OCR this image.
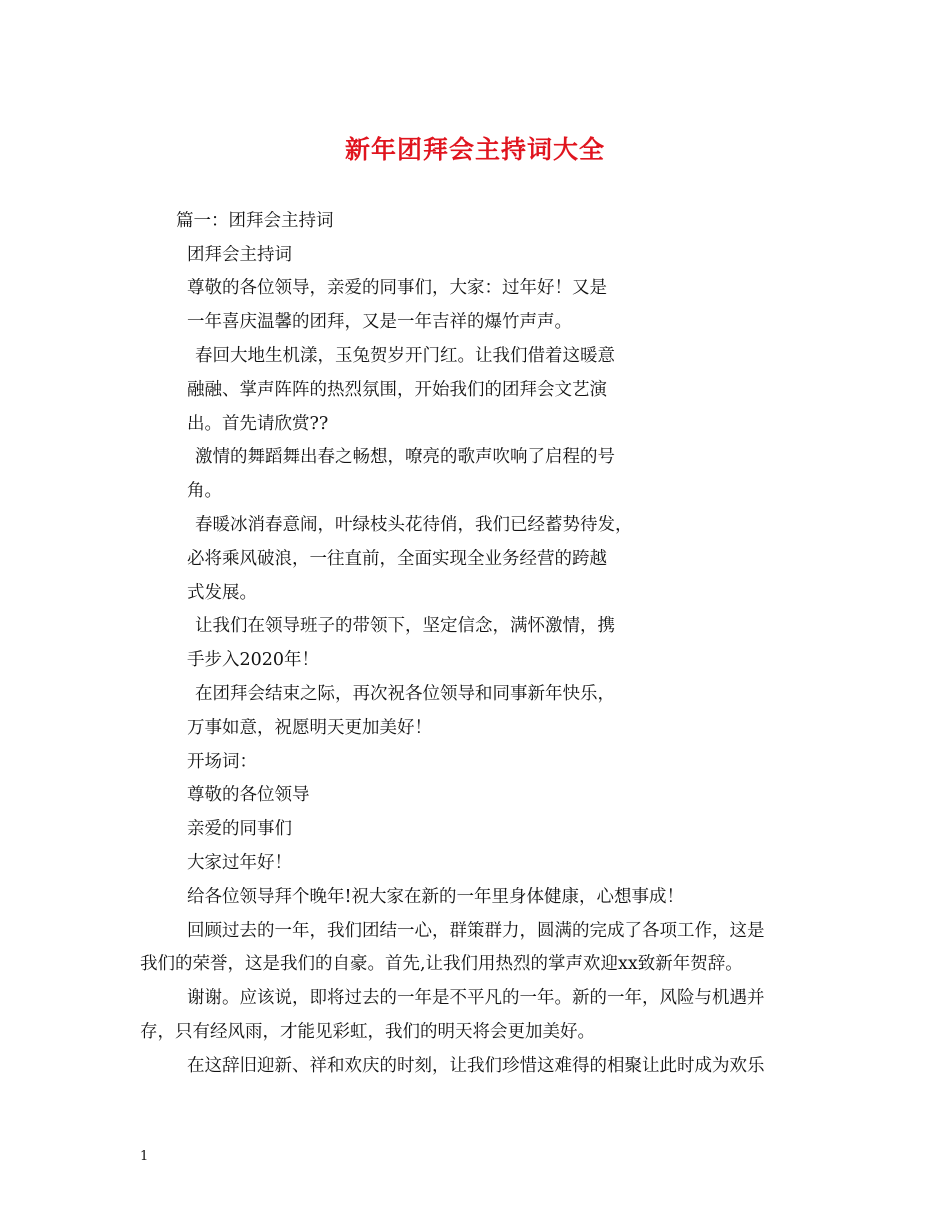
新年团拜会主持词大全
篇一：团拜会主持词
团拜会主持词
尊敬的各位领导，亲爱的同事们，大家：过年好！又是
一年喜庆温馨的团拜，又是一年吉祥的爆竹声声。
春回大地生机漾，玉兔贺岁开门红。让我们借着这暖意
融融、掌声阵阵的热烈氛围，开始我们的团拜会文艺演
出。首先请欣赏??
激情的舞蹈舞出春之畅想，嘹亮的歌声吹响了启程的号
角。
春暖冰消春意闹，叶绿枝头花待俏，我们已经蓄势待发，
必将乘风破浪，一往直前，全面实现全业务经营的跨越
式发展。
让我们在领导班子的带领下，坚定信念，满怀激情，携
手步入2020年！
在团拜会结束之际，再次祝各位领导和同事新年快乐，
万事如意，祝愿明天更加美好！
开场词：
尊敬的各位领导
亲爱的同事们
大家过年好！
给各位领导拜个晚年!祝大家在新的一年里身体健康，心想事成！
回顾过去的一年，我们团结一心，群策群力，圆满的完成了各项工作，这是
我们的荣誉，这是我们的自豪。首先,让我们用热烈的掌声欢迎xx致新年贺辞。
谢谢。应该说，即将过去的一年是不平凡的一年。新的一年，风险与机遇并
存，只有经风雨，才能见彩虹，我们的明天将会更加美好。
在这辞旧迎新、祥和欢庆的时刻，让我们珍惜这难得的相聚让此时成为欢乐
1
